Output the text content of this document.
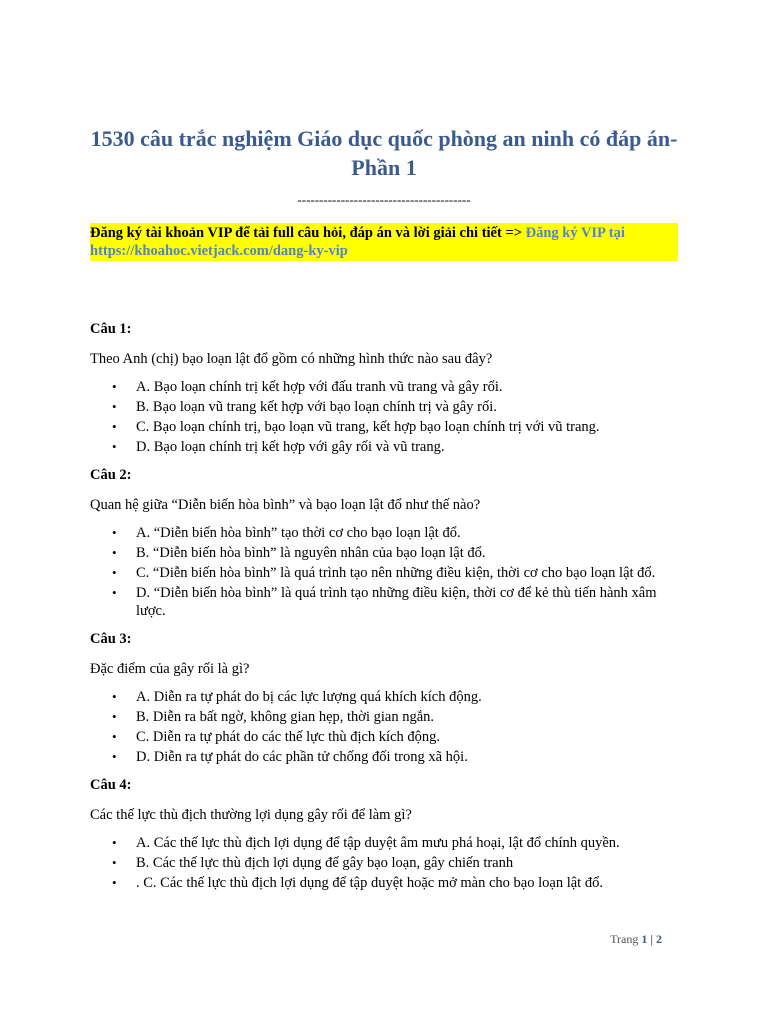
1530 câu trắc nghiệm Giáo dục quốc phòng an ninh có đáp án- Phần 1
----------------------------------------
Đăng ký tài khoản VIP để tải full câu hỏi, đáp án và lời giải chi tiết => Đăng ký VIP tại https://khoahoc.vietjack.com/dang-ky-vip
Câu 1:
Theo Anh (chị) bạo loạn lật đổ gồm có những hình thức nào sau đây?
• A. Bạo loạn chính trị kết hợp với đấu tranh vũ trang và gây rối.
• B. Bạo loạn vũ trang kết hợp với bạo loạn chính trị và gây rối.
• C. Bạo loạn chính trị, bạo loạn vũ trang, kết hợp bạo loạn chính trị với vũ trang.
• D. Bạo loạn chính trị kết hợp với gây rối và vũ trang.
Câu 2:
Quan hệ giữa “Diễn biến hòa bình” và bạo loạn lật đổ như thế nào?
• A. “Diễn biến hòa bình” tạo thời cơ cho bạo loạn lật đổ.
• B. “Diễn biến hòa bình” là nguyên nhân của bạo loạn lật đổ.
• C. “Diễn biến hòa bình” là quá trình tạo nên những điều kiện, thời cơ cho bạo loạn lật đổ.
• D. “Diễn biến hòa bình” là quá trình tạo những điều kiện, thời cơ để kẻ thù tiến hành xâm lược.
Câu 3:
Đặc điểm của gây rối là gì?
• A. Diễn ra tự phát do bị các lực lượng quá khích kích động.
• B. Diễn ra bất ngờ, không gian hẹp, thời gian ngắn.
• C. Diễn ra tự phát do các thế lực thù địch kích động.
• D. Diễn ra tự phát do các phần tử chống đối trong xã hội.
Câu 4:
Các thế lực thù địch thường lợi dụng gây rối để làm gì?
• A. Các thế lực thù địch lợi dụng để tập duyệt âm mưu phá hoại, lật đổ chính quyền.
• B. Các thế lực thù địch lợi dụng để gây bạo loạn, gây chiến tranh
• . C. Các thế lực thù địch lợi dụng để tập duyệt hoặc mở màn cho bạo loạn lật đổ.
Trang 1 | 2
